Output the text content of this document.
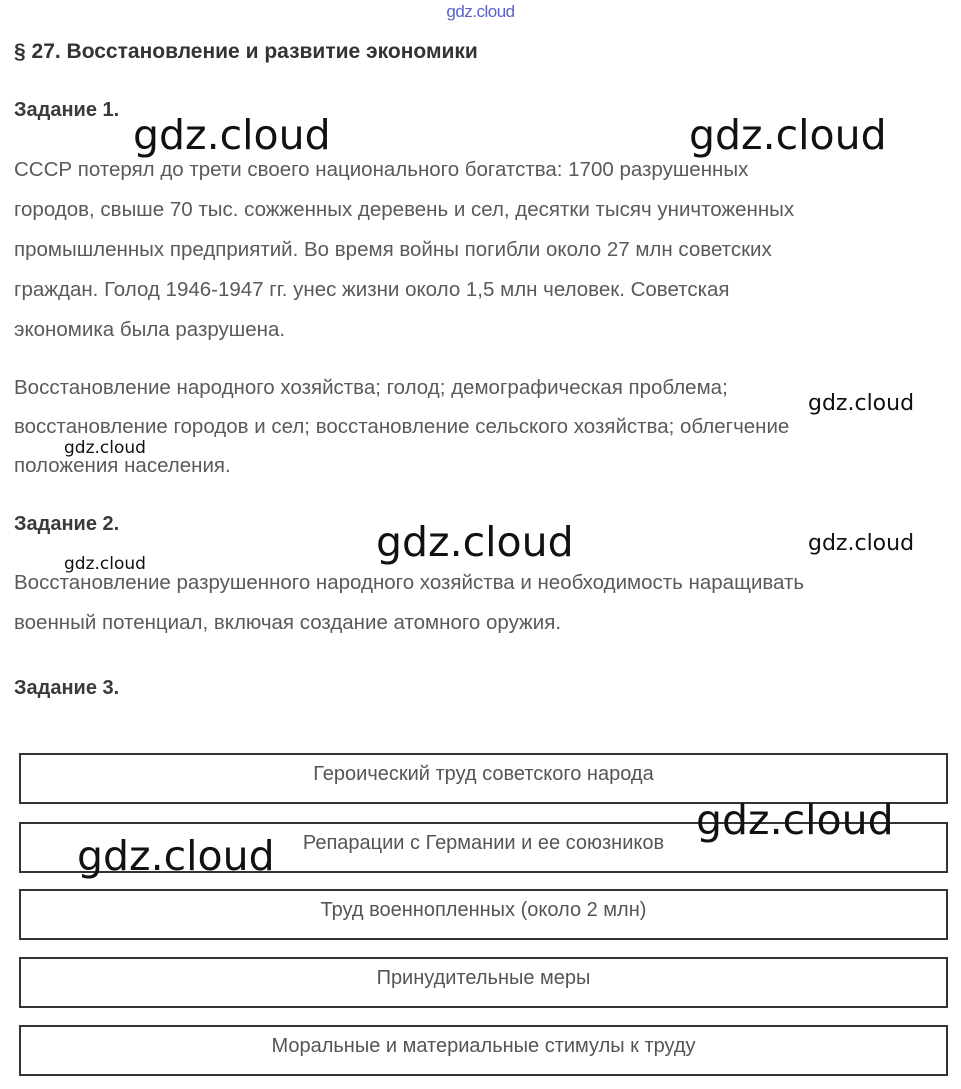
gdz.cloud
§ 27. Восстановление и развитие экономики
Задание 1.
СССР потерял до трети своего национального богатства: 1700 разрушенных
городов, свыше 70 тыс. сожженных деревень и сел, десятки тысяч уничтоженных
промышленных предприятий. Во время войны погибли около 27 млн советских
граждан. Голод 1946-1947 гг. унес жизни около 1,5 млн человек. Советская
экономика была разрушена.
Восстановление народного хозяйства; голод; демографическая проблема;
восстановление городов и сел; восстановление сельского хозяйства; облегчение
положения населения.
Задание 2.
Восстановление разрушенного народного хозяйства и необходимость наращивать
военный потенциал, включая создание атомного оружия.
Задание 3.
Героический труд советского народа
Репарации с Германии и ее союзников
Труд военнопленных (около 2 млн)
Принудительные меры
Моральные и материальные стимулы к труду
gdz.cloud	gdz.cloud
gdz.cloud
gdz.cloud
gdz.cloud	gdz.cloud
gdz.cloud
gdz.cloud
gdz.cloud
